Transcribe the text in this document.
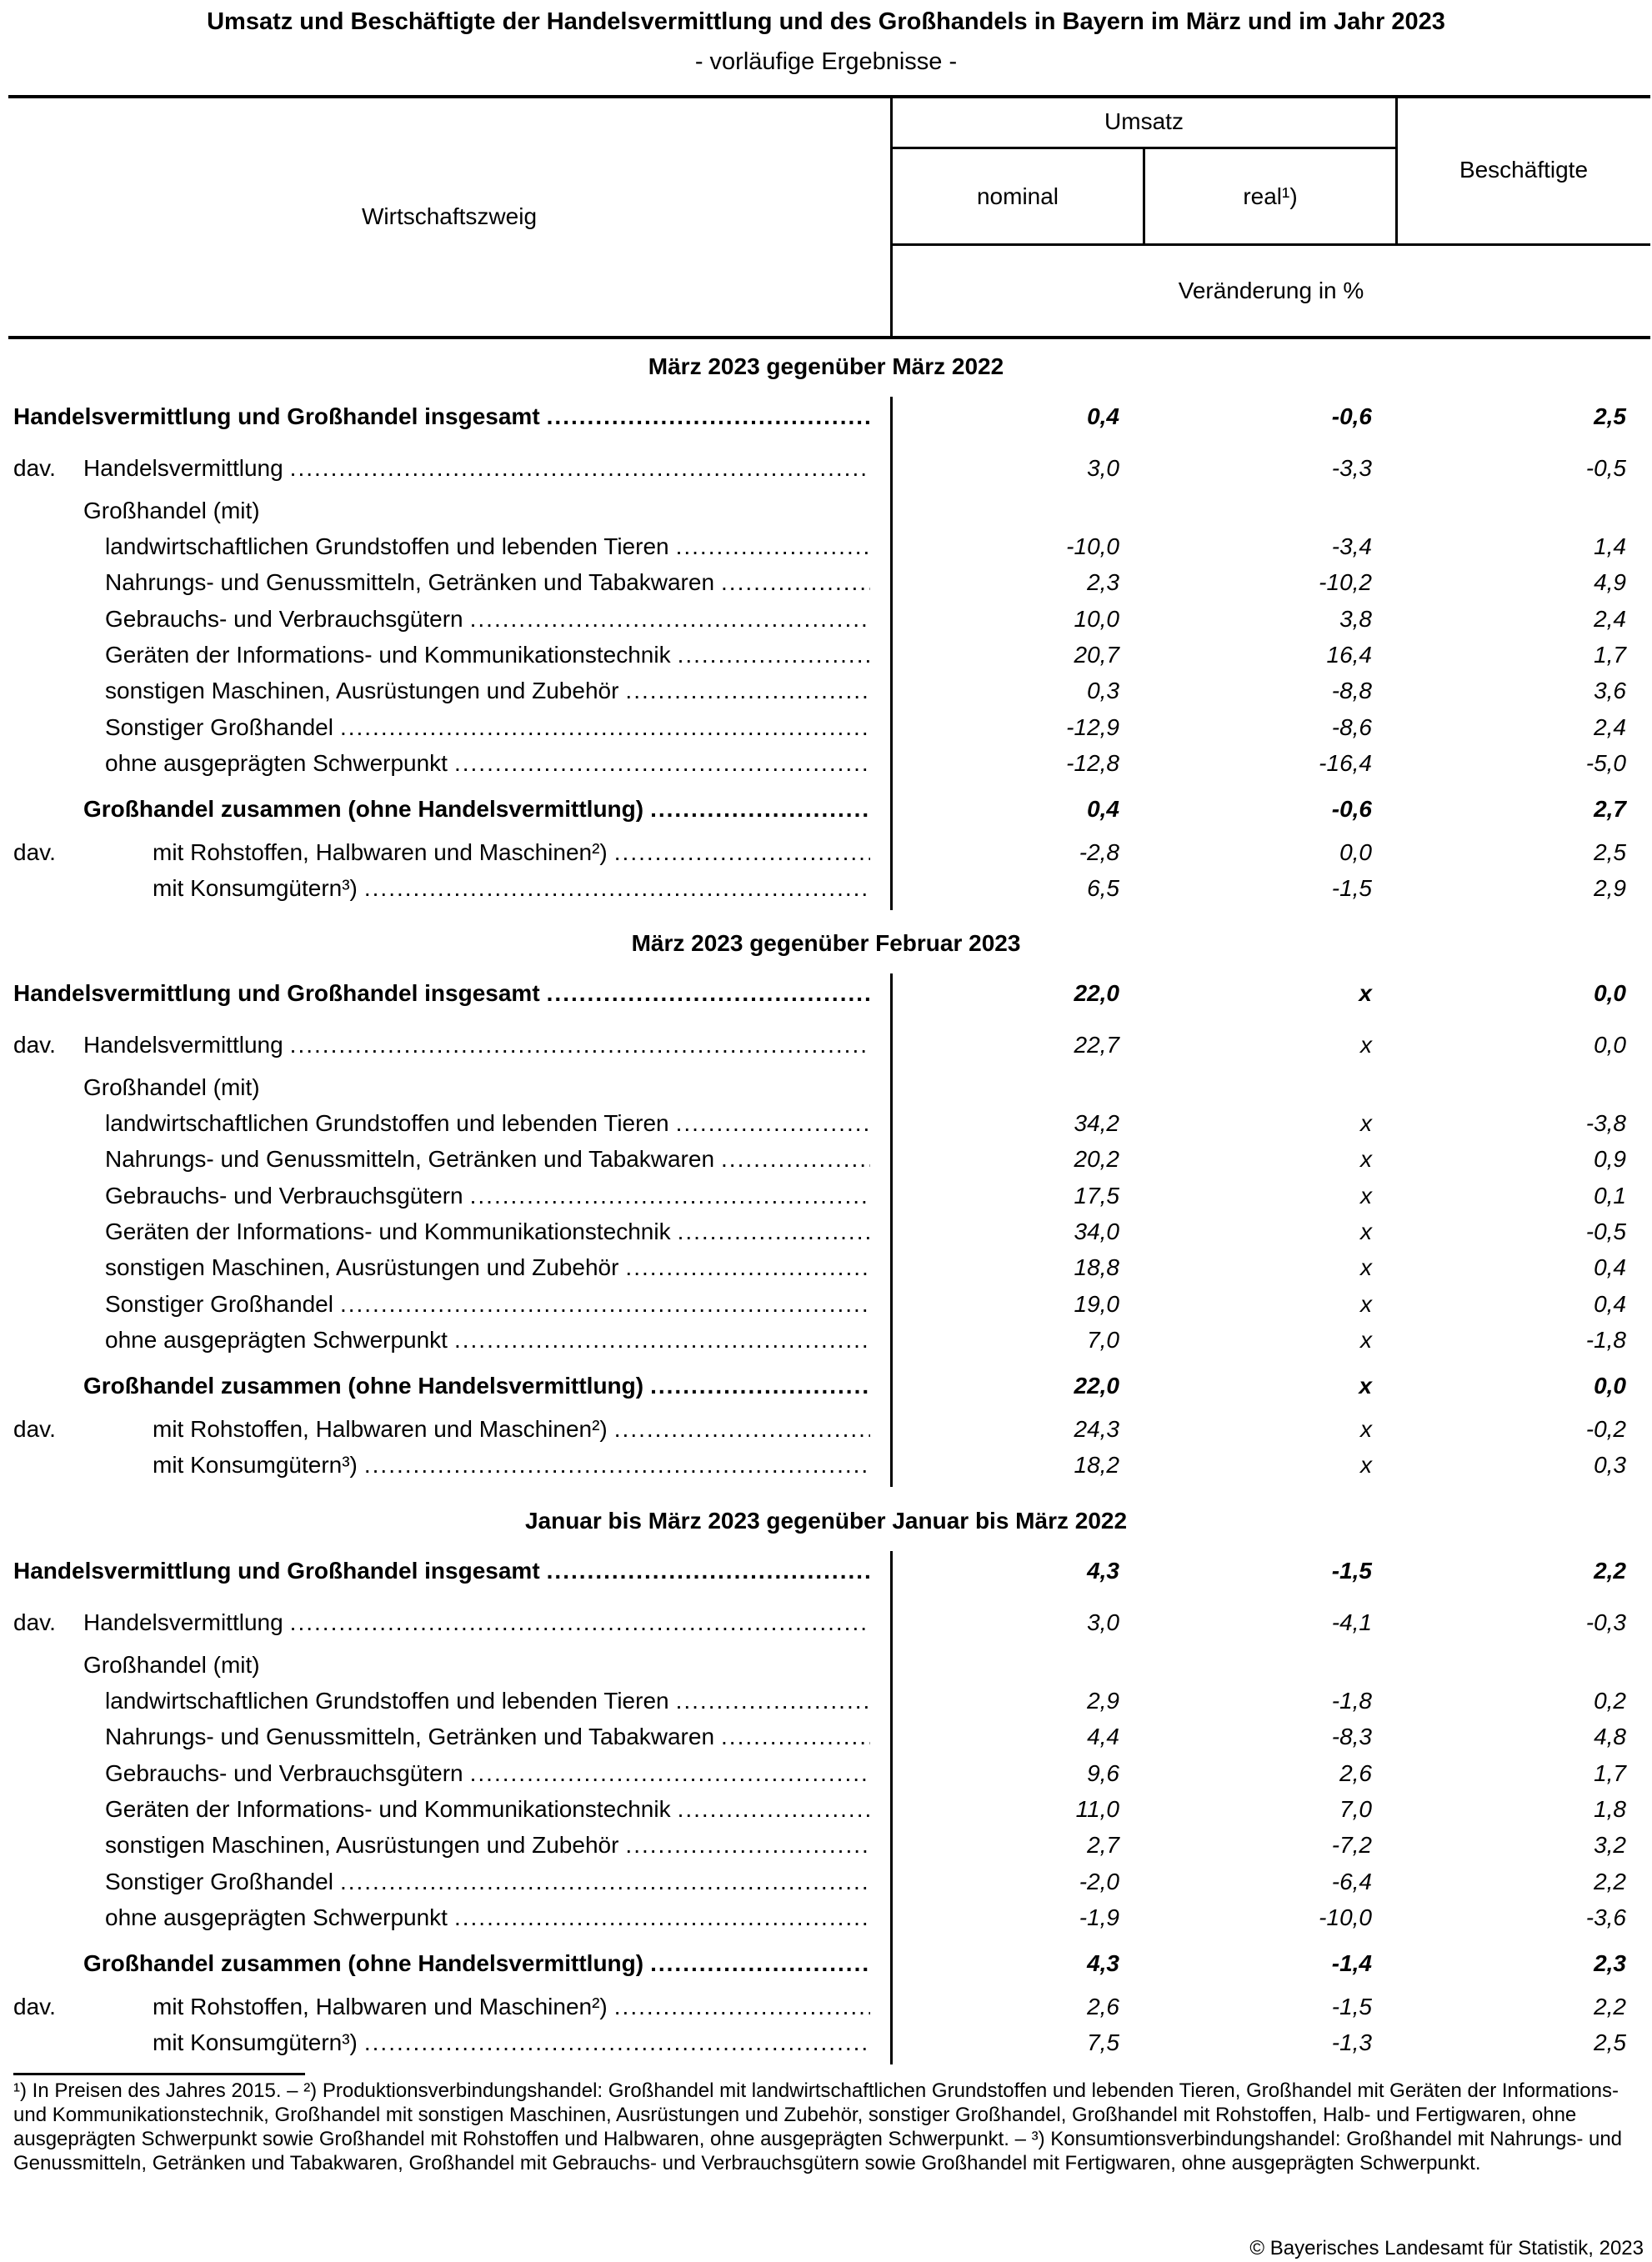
Umsatz und Beschäftigte der Handelsvermittlung und des Großhandels in Bayern im März und im Jahr 2023
- vorläufige Ergebnisse -
Wirtschaftszweig
Umsatz
nominal	real¹)
Beschäftigte
Veränderung in %
März 2023 gegenüber März 2022
Handelsvermittlung und Großhandel insgesamt .....	0,4	-0,6	2,5
dav. Handelsvermittlung .....	3,0	-3,3	-0,5
Großhandel (mit)
landwirtschaftlichen Grundstoffen und lebenden Tieren .....	-10,0	-3,4	1,4
Nahrungs- und Genussmitteln, Getränken und Tabakwaren .....	2,3	-10,2	4,9
Gebrauchs- und Verbrauchsgütern .....	10,0	3,8	2,4
Geräten der Informations- und Kommunikationstechnik .....	20,7	16,4	1,7
sonstigen Maschinen, Ausrüstungen und Zubehör .....	0,3	-8,8	3,6
Sonstiger Großhandel .....	-12,9	-8,6	2,4
ohne ausgeprägten Schwerpunkt .....	-12,8	-16,4	-5,0
Großhandel zusammen (ohne Handelsvermittlung) .....	0,4	-0,6	2,7
dav.	mit Rohstoffen, Halbwaren und Maschinen²) .....	-2,8	0,0	2,5
mit Konsumgütern³) .....	6,5	-1,5	2,9
März 2023 gegenüber Februar 2023
Handelsvermittlung und Großhandel insgesamt .....	22,0	x	0,0
dav. Handelsvermittlung .....	22,7	x	0,0
Großhandel (mit)
landwirtschaftlichen Grundstoffen und lebenden Tieren .....	34,2	x	-3,8
Nahrungs- und Genussmitteln, Getränken und Tabakwaren .....	20,2	x	0,9
Gebrauchs- und Verbrauchsgütern .....	17,5	x	0,1
Geräten der Informations- und Kommunikationstechnik .....	34,0	x	-0,5
sonstigen Maschinen, Ausrüstungen und Zubehör .....	18,8	x	0,4
Sonstiger Großhandel .....	19,0	x	0,4
ohne ausgeprägten Schwerpunkt .....	7,0	x	-1,8
Großhandel zusammen (ohne Handelsvermittlung) .....	22,0	x	0,0
dav.	mit Rohstoffen, Halbwaren und Maschinen²) .....	24,3	x	-0,2
mit Konsumgütern³) .....	18,2	x	0,3
Januar bis März 2023 gegenüber Januar bis März 2022
Handelsvermittlung und Großhandel insgesamt .....	4,3	-1,5	2,2
dav. Handelsvermittlung .....	3,0	-4,1	-0,3
Großhandel (mit)
landwirtschaftlichen Grundstoffen und lebenden Tieren .....	2,9	-1,8	0,2
Nahrungs- und Genussmitteln, Getränken und Tabakwaren .....	4,4	-8,3	4,8
Gebrauchs- und Verbrauchsgütern .....	9,6	2,6	1,7
Geräten der Informations- und Kommunikationstechnik .....	11,0	7,0	1,8
sonstigen Maschinen, Ausrüstungen und Zubehör .....	2,7	-7,2	3,2
Sonstiger Großhandel .....	-2,0	-6,4	2,2
ohne ausgeprägten Schwerpunkt .....	-1,9	-10,0	-3,6
Großhandel zusammen (ohne Handelsvermittlung) .....	4,3	-1,4	2,3
dav.	mit Rohstoffen, Halbwaren und Maschinen²) .....	2,6	-1,5	2,2
mit Konsumgütern³) .....	7,5	-1,3	2,5
¹) In Preisen des Jahres 2015. – ²) Produktionsverbindungshandel: Großhandel mit landwirtschaftlichen Grundstoffen und lebenden Tieren, Großhandel mit Geräten der Informations- und Kommunikationstechnik, Großhandel mit sonstigen Maschinen, Ausrüstungen und Zubehör, sonstiger Großhandel, Großhandel mit Rohstoffen, Halb- und Fertigwaren, ohne ausgeprägten Schwerpunkt sowie Großhandel mit Rohstoffen und Halbwaren, ohne ausgeprägten Schwerpunkt. – ³) Konsumtionsverbindungshandel: Großhandel mit Nahrungs- und Genussmitteln, Getränken und Tabakwaren, Großhandel mit Gebrauchs- und Verbrauchsgütern sowie Großhandel mit Fertigwaren, ohne ausgeprägten Schwerpunkt.
© Bayerisches Landesamt für Statistik, 2023
